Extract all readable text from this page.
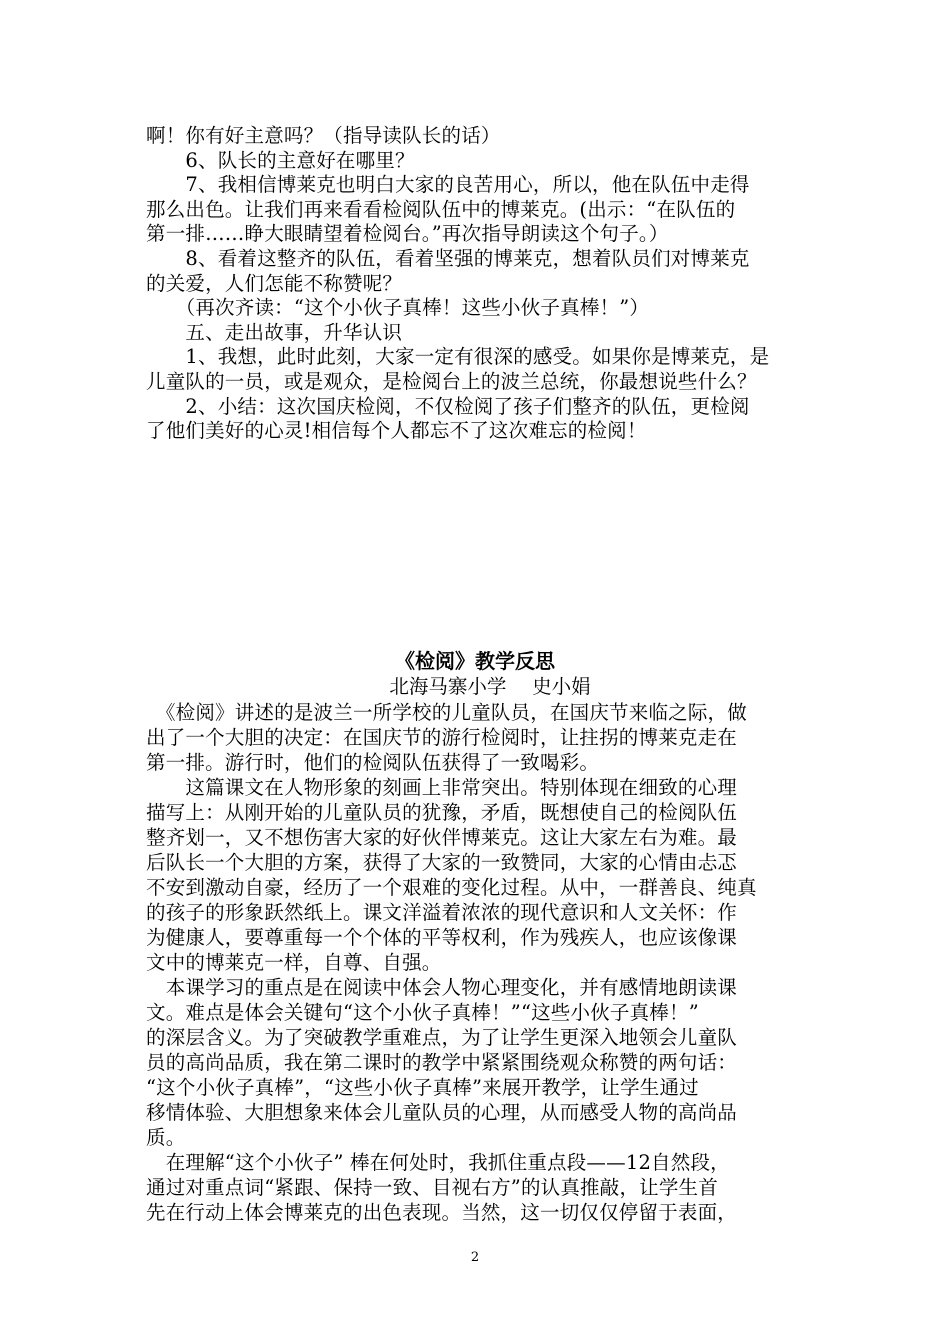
啊！你有好主意吗？（指导读队长的话）
　　6、队长的主意好在哪里？
　　7、我相信博莱克也明白大家的良苦用心，所以，他在队伍中走得
那么出色。让我们再来看看检阅队伍中的博莱克。(出示：“在队伍的
第一排……睁大眼睛望着检阅台。”再次指导朗读这个句子。）
　　8、看着这整齐的队伍，看着坚强的博莱克，想着队员们对博莱克
的关爱，人们怎能不称赞呢？
　　（再次齐读：“这个小伙子真棒！这些小伙子真棒！”）
　　五、走出故事，升华认识
　　1、我想，此时此刻，大家一定有很深的感受。如果你是博莱克，是
儿童队的一员，或是观众，是检阅台上的波兰总统，你最想说些什么？
　　2、小结：这次国庆检阅，不仅检阅了孩子们整齐的队伍，更检阅
了他们美好的心灵!相信每个人都忘不了这次难忘的检阅！
《检阅》教学反思
北海马寨小学　 史小娟
　《检阅》讲述的是波兰一所学校的儿童队员，在国庆节来临之际，做
出了一个大胆的决定：在国庆节的游行检阅时，让拄拐的博莱克走在
第一排。游行时，他们的检阅队伍获得了一致喝彩。
　　这篇课文在人物形象的刻画上非常突出。特别体现在细致的心理
描写上：从刚开始的儿童队员的犹豫，矛盾，既想使自己的检阅队伍
整齐划一，又不想伤害大家的好伙伴博莱克。这让大家左右为难。最
后队长一个大胆的方案，获得了大家的一致赞同，大家的心情由忐忑
不安到激动自豪，经历了一个艰难的变化过程。从中，一群善良、纯真
的孩子的形象跃然纸上。课文洋溢着浓浓的现代意识和人文关怀：作
为健康人，要尊重每一个个体的平等权利，作为残疾人，也应该像课
文中的博莱克一样，自尊、自强。
　本课学习的重点是在阅读中体会人物心理变化，并有感情地朗读课
文。难点是体会关键句“这个小伙子真棒！”“这些小伙子真棒！”
的深层含义。为了突破教学重难点，为了让学生更深入地领会儿童队
员的高尚品质，我在第二课时的教学中紧紧围绕观众称赞的两句话：
“这个小伙子真棒”，“这些小伙子真棒”来展开教学，让学生通过
移情体验、大胆想象来体会儿童队员的心理，从而感受人物的高尚品
质。
　在理解“这个小伙子” 棒在何处时，我抓住重点段——12自然段，
通过对重点词“紧跟、保持一致、目视右方”的认真推敲，让学生首
先在行动上体会博莱克的出色表现。当然，这一切仅仅停留于表面，
2
